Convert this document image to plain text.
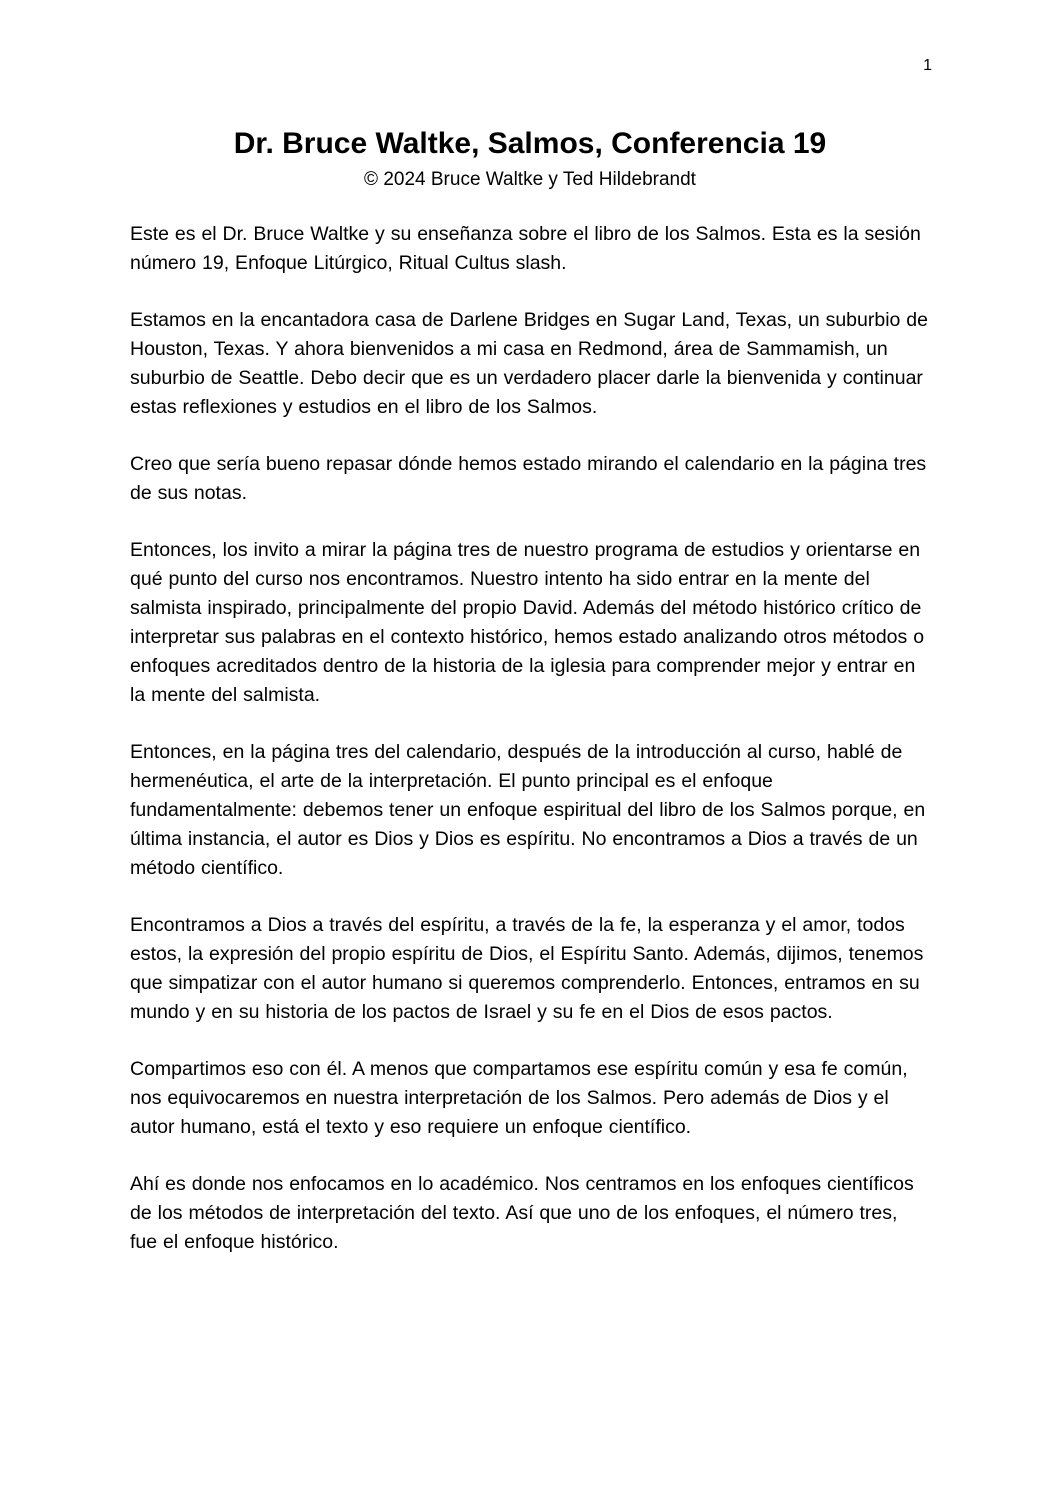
1
Dr. Bruce Waltke, Salmos, Conferencia 19
© 2024 Bruce Waltke y Ted Hildebrandt

Este es el Dr. Bruce Waltke y su enseñanza sobre el libro de los Salmos. Esta es la sesión número 19, Enfoque Litúrgico, Ritual Cultus slash.

Estamos en la encantadora casa de Darlene Bridges en Sugar Land, Texas, un suburbio de Houston, Texas. Y ahora bienvenidos a mi casa en Redmond, área de Sammamish, un suburbio de Seattle. Debo decir que es un verdadero placer darle la bienvenida y continuar estas reflexiones y estudios en el libro de los Salmos.

Creo que sería bueno repasar dónde hemos estado mirando el calendario en la página tres de sus notas.

Entonces, los invito a mirar la página tres de nuestro programa de estudios y orientarse en qué punto del curso nos encontramos. Nuestro intento ha sido entrar en la mente del salmista inspirado, principalmente del propio David. Además del método histórico crítico de interpretar sus palabras en el contexto histórico, hemos estado analizando otros métodos o enfoques acreditados dentro de la historia de la iglesia para comprender mejor y entrar en la mente del salmista.

Entonces, en la página tres del calendario, después de la introducción al curso, hablé de hermenéutica, el arte de la interpretación. El punto principal es el enfoque fundamentalmente: debemos tener un enfoque espiritual del libro de los Salmos porque, en última instancia, el autor es Dios y Dios es espíritu. No encontramos a Dios a través de un método científico.

Encontramos a Dios a través del espíritu, a través de la fe, la esperanza y el amor, todos estos, la expresión del propio espíritu de Dios, el Espíritu Santo. Además, dijimos, tenemos que simpatizar con el autor humano si queremos comprenderlo. Entonces, entramos en su mundo y en su historia de los pactos de Israel y su fe en el Dios de esos pactos.

Compartimos eso con él. A menos que compartamos ese espíritu común y esa fe común, nos equivocaremos en nuestra interpretación de los Salmos. Pero además de Dios y el autor humano, está el texto y eso requiere un enfoque científico.

Ahí es donde nos enfocamos en lo académico. Nos centramos en los enfoques científicos de los métodos de interpretación del texto. Así que uno de los enfoques, el número tres, fue el enfoque histórico.
